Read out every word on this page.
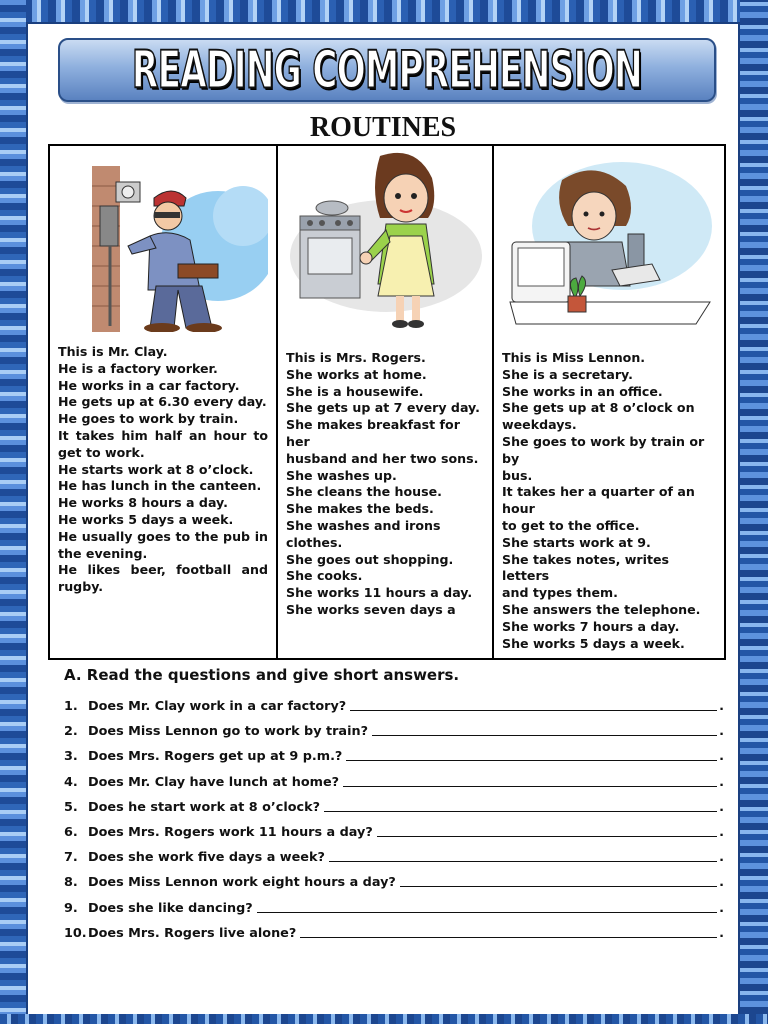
READING COMPREHENSION
ROUTINES

This is Mr. Clay.

He is a factory worker.

He works in a car factory.

He gets up at 6.30 every day.

He goes to work by train.

It takes him half an hour to get to work.

He starts work at 8 o’clock.

He has lunch in the canteen.

He works 8 hours a day.

He works 5 days a week.

He usually goes to the pub in the evening.

He likes beer, football and rugby.

This is Mrs. Rogers.

She works at home.

She is a housewife.

She gets up at 7 every day.

She makes breakfast for her

husband and her two sons.

She washes up.

She cleans the house.

She makes the beds.

She washes and irons clothes.

She goes out shopping.

She cooks.

She works 11 hours a day.

She works seven days a

This is Miss Lennon.

She is a secretary.

She works in an office.

She gets up at 8 o’clock on weekdays.

She goes to work by train or by

bus.

It takes her a quarter of an hour

to get to the office.

She starts work at 9.

She takes notes, writes letters

and types them.

She answers the telephone.

She works 7 hours a day.

She works 5 days a week.

A. Read the questions and give short answers.
1. Does Mr. Clay work in a car factory?	.
2. Does Miss Lennon go to work by train?	.
3. Does Mrs. Rogers get up at 9 p.m.?	.
4. Does Mr. Clay have lunch at home?	.
5. Does he start work at 8 o’clock?	.
6. Does Mrs. Rogers work 11 hours a day?	.
7. Does she work five days a week?	.
8. Does Miss Lennon work eight hours a day?	.
9. Does she like dancing?	.
10. Does Mrs. Rogers live alone?	.
